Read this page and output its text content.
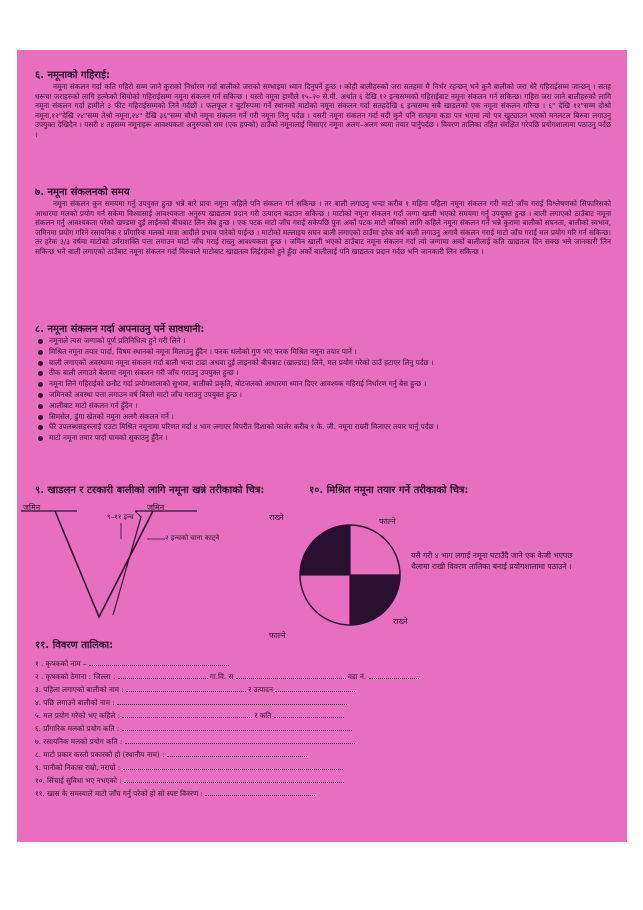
६. नमूनाको गहिराई:
नमूना संकलन गर्दा कति गहिरो सम्म जाने कुराको निर्धारण गर्दा बालीको जराको सम्भाइमा ध्यान दिनुपर्ने हुन्छ । कोही बालीहरुको जरा सतहमा मै निर्भर रहन्छन् भने कुनै बालीको जरा धेरै गहिराईसम्म जान्छन् । सतह धरूचा जराहरुको लागि हल्केको सियोको गहिराईसम्म नमूना संकलन गर्न सकिन्छ । यस्तो नमूना हामीले १५–२० से.मी. अर्थात ६ देखि १२ इन्चसम्मको गहिराईबाट नमूना संकलन गर्न सकिन्छ। गहिरा जरा जाने बालीहरुको लागि नमूना संकलन गर्दा हामीले ३ फीट गहिराईसम्मको लिने गर्दछौं । फलफूल र बुटाँरुपमा गर्ने स्थानको माटोको नमूना संकलन गर्दा सतहदेखि ६ इन्चसम्म सबै खाडलको एक नमूना संकलन गरिन्छ । ६" देखि १२"सम्म दोश्रो नमूना,१२"देखि २४"सम्म तेश्रो नमूना,२४" देखि ३६"सम्म चौथो नमूना संकलन गर्ने गरी नमूना लिनु पर्दछ । यसरी नमूना संकलन गर्दा यदी कुनै पनि सतहमा कडा पत्र भएमा त्यो पत्र खुट्याउन भएको मनलटल बिरुवा लगाउनु उपयुक्त देखिदैन । यसरी ४ तहसम्म नमूनाहरू आवश्यकता अनुरुपको सम (एक हफ्को) ठाउँको नमूनालाई मिसाएर नमूना अलग–अलग थ्यमा तयार पार्नुपर्दछ । विवरण तालिका तहित संरक्षित गरेपछि प्रयोगशालामा पठाउनु पर्दछ ।
७. नमूना संकलनको समय
नमूना संकलन कुन समयमा गर्नु उपयुक्त हुन्छ भन्ने बारे प्रायः नमूना जहिले पनि संकलन गर्न सकिन्छ । तर बाली लगाउनु भन्दा करीब १ महिना पहिला नमूना संकलन गरी माटो जाँच गराई विश्लेषणको सिफारिसको आधारमा मलको प्रयोग गर्न सकेमा विश्वासाई आवश्यकता अनुरुप खाद्यतत्व प्रदान गरी उत्पादन बढाउन सकिन्छ । माटोको नमूना संकलन गर्दा जग्गा खाली भएको समयमा गर्नु उपयुक्त हुन्छ । बाली लगाएको ठाउँबाट नमूना संकलन गर्नु आवश्यकता परेको खण्डमा दुई लाईनको बीचबाट लिन सेब हुन्छ । एक पटक माटो जाँच गराई सकेपछि पुनः अर्को पटक माटो जाँचको लागि कहिले नमूना संकलन गर्ने भन्ने कुरामा बालीको सघनता, बालीको स्वभाव, जमिनमा प्रयोग गरिने रसायनिक र प्राँगारिक मलको मात्रा आदीले प्रभाव पारेको पाईन्छ । माटोको मल्लाइच सघन बाली लगाएको ठाउँमा हरेक वर्ष बाली लगाउनु अगावै संकलन गराई माटो जाँच गराई मल प्रयोग गरि गर्न सकिन्छ। तर हरेक ३/३ वर्षमा माटोको उर्वराशक्ति पत्ता लगाउन माटो जाँच गराई राख्नु आवश्यकता हुन्छ । जमिन खाली भएको ठाउँबाट नमूना संकलन गर्दा त्यो जग्गामा अर्को बालीलाई कति खाद्यतत्व दिन सक्छ भन्ने जानकारी लिन सकिन्छ भने बाली लगाएको ठाउँबाट नमूना संकलन गर्दा विरुवाले माटोबाट खाद्यतत्व लिईरहेको हुने हुँदा अर्को बालीलाई पनि खाद्यतत्व प्रदान गर्दछ भनि जानकारी लिन सकिन्छ ।
८. नमूना संकलन गर्दा अपनाउनु पर्ने सावधानी:
नमूनाले त्यस जग्गाको पूर्ण प्रतिनिधित्व हुने गरी लिने ।
मिश्रित नमूना तयार पार्दा, विषम स्थानको नमूना मिलाउनु हुँदैन । फरक थलोको गुण भए फरक मिश्रित नमूना तयार पार्ने ।
बाली लगाएको अवस्थामा नमूना संकलन गर्दा बाली भन्दा टाढा अथवा दुई लाइनको बीचबाट (खाल्डाट) लिने, मल प्रयोग गरेको ठाउँ हटाएर लिनु पर्दछ ।
ठीक बाली लगाउने बेलामा नमूना संकलन गरी जाँच गराउनु उपयुक्त हुन्छ ।
नमूना लिने गहिराईको छनौट गर्दा प्रयोगशालाको सुभाव, बालीको प्रकृति, बोटजलको आधारमा ध्यान दिएर आवश्यक गहिराई निर्धारण गर्नु बेस हुन्छ ।
जमिनको अवस्था पत्ता लगाउन वर्ष बिस्तो माटो जाँच गराउनु उपयुक्त हुन्छ ।
आलीबाट माटो संकलन गर्न हुँदैन ।
सिमसेल, ढुंगा खेतको नमूना अलगै संकलन गर्ने ।
घैरै उपलब्धसहरुलाई एउटा मिश्रित नमूनामा परिणत गर्दा ४ भाग लगाएर विपरीत दिशाको फालेर करीब १ के. जी. नमूना राम्ररी मिलाएर तयार पार्नु पर्दछ ।
माटो नमूना तयार पार्दा घामको सुकाउनु हुँदैन ।
९. खाडलन र टरकारी बालीको लागि नमूना खन्ने तरीकाको चित्र:	१०. मिश्रित नमूना तयार गर्ने तरीकाको चित्र:
जमिन	जमिन
९–११ इन्च
२ इन्चको चाना काट्ने
राख्ने	फाल्ने
फाल्ने
राख्ने
यसै गरी ४ भाग लगाई नमूना घटाउँदै जाने एक केजी भएपछ थैलामा राखी विवरण तालिका बनाई प्रयोगशालामा पठाउने ।
११. विवरण तालिका:
१ . कृषकको नाम –
२ . कृषकको ठेगाना : जिल्ला :	गा.वि. स	वडा नं.
३. पहिला लगाएको बालीको नाम :	र उत्पादन
४. पछि लगाउने बालीको नाम :
५. मल प्रयोग गरेको भए कहिले :	र कति
६. प्राँगारिक मलको प्रयोग कति :
७. रसायनिक मलको प्रयोग कति :
८. माटो प्रकार कस्तो प्रकारको हो (स्थानीय नाम) :
९. पानीको निकास राम्रो, नराम्रो :
१०. सिंचाई सुविधा भए नभएको :
११. खास के समस्याले माटो जाँच गर्नु परेको हो सो स्पष्ट विवरण :
